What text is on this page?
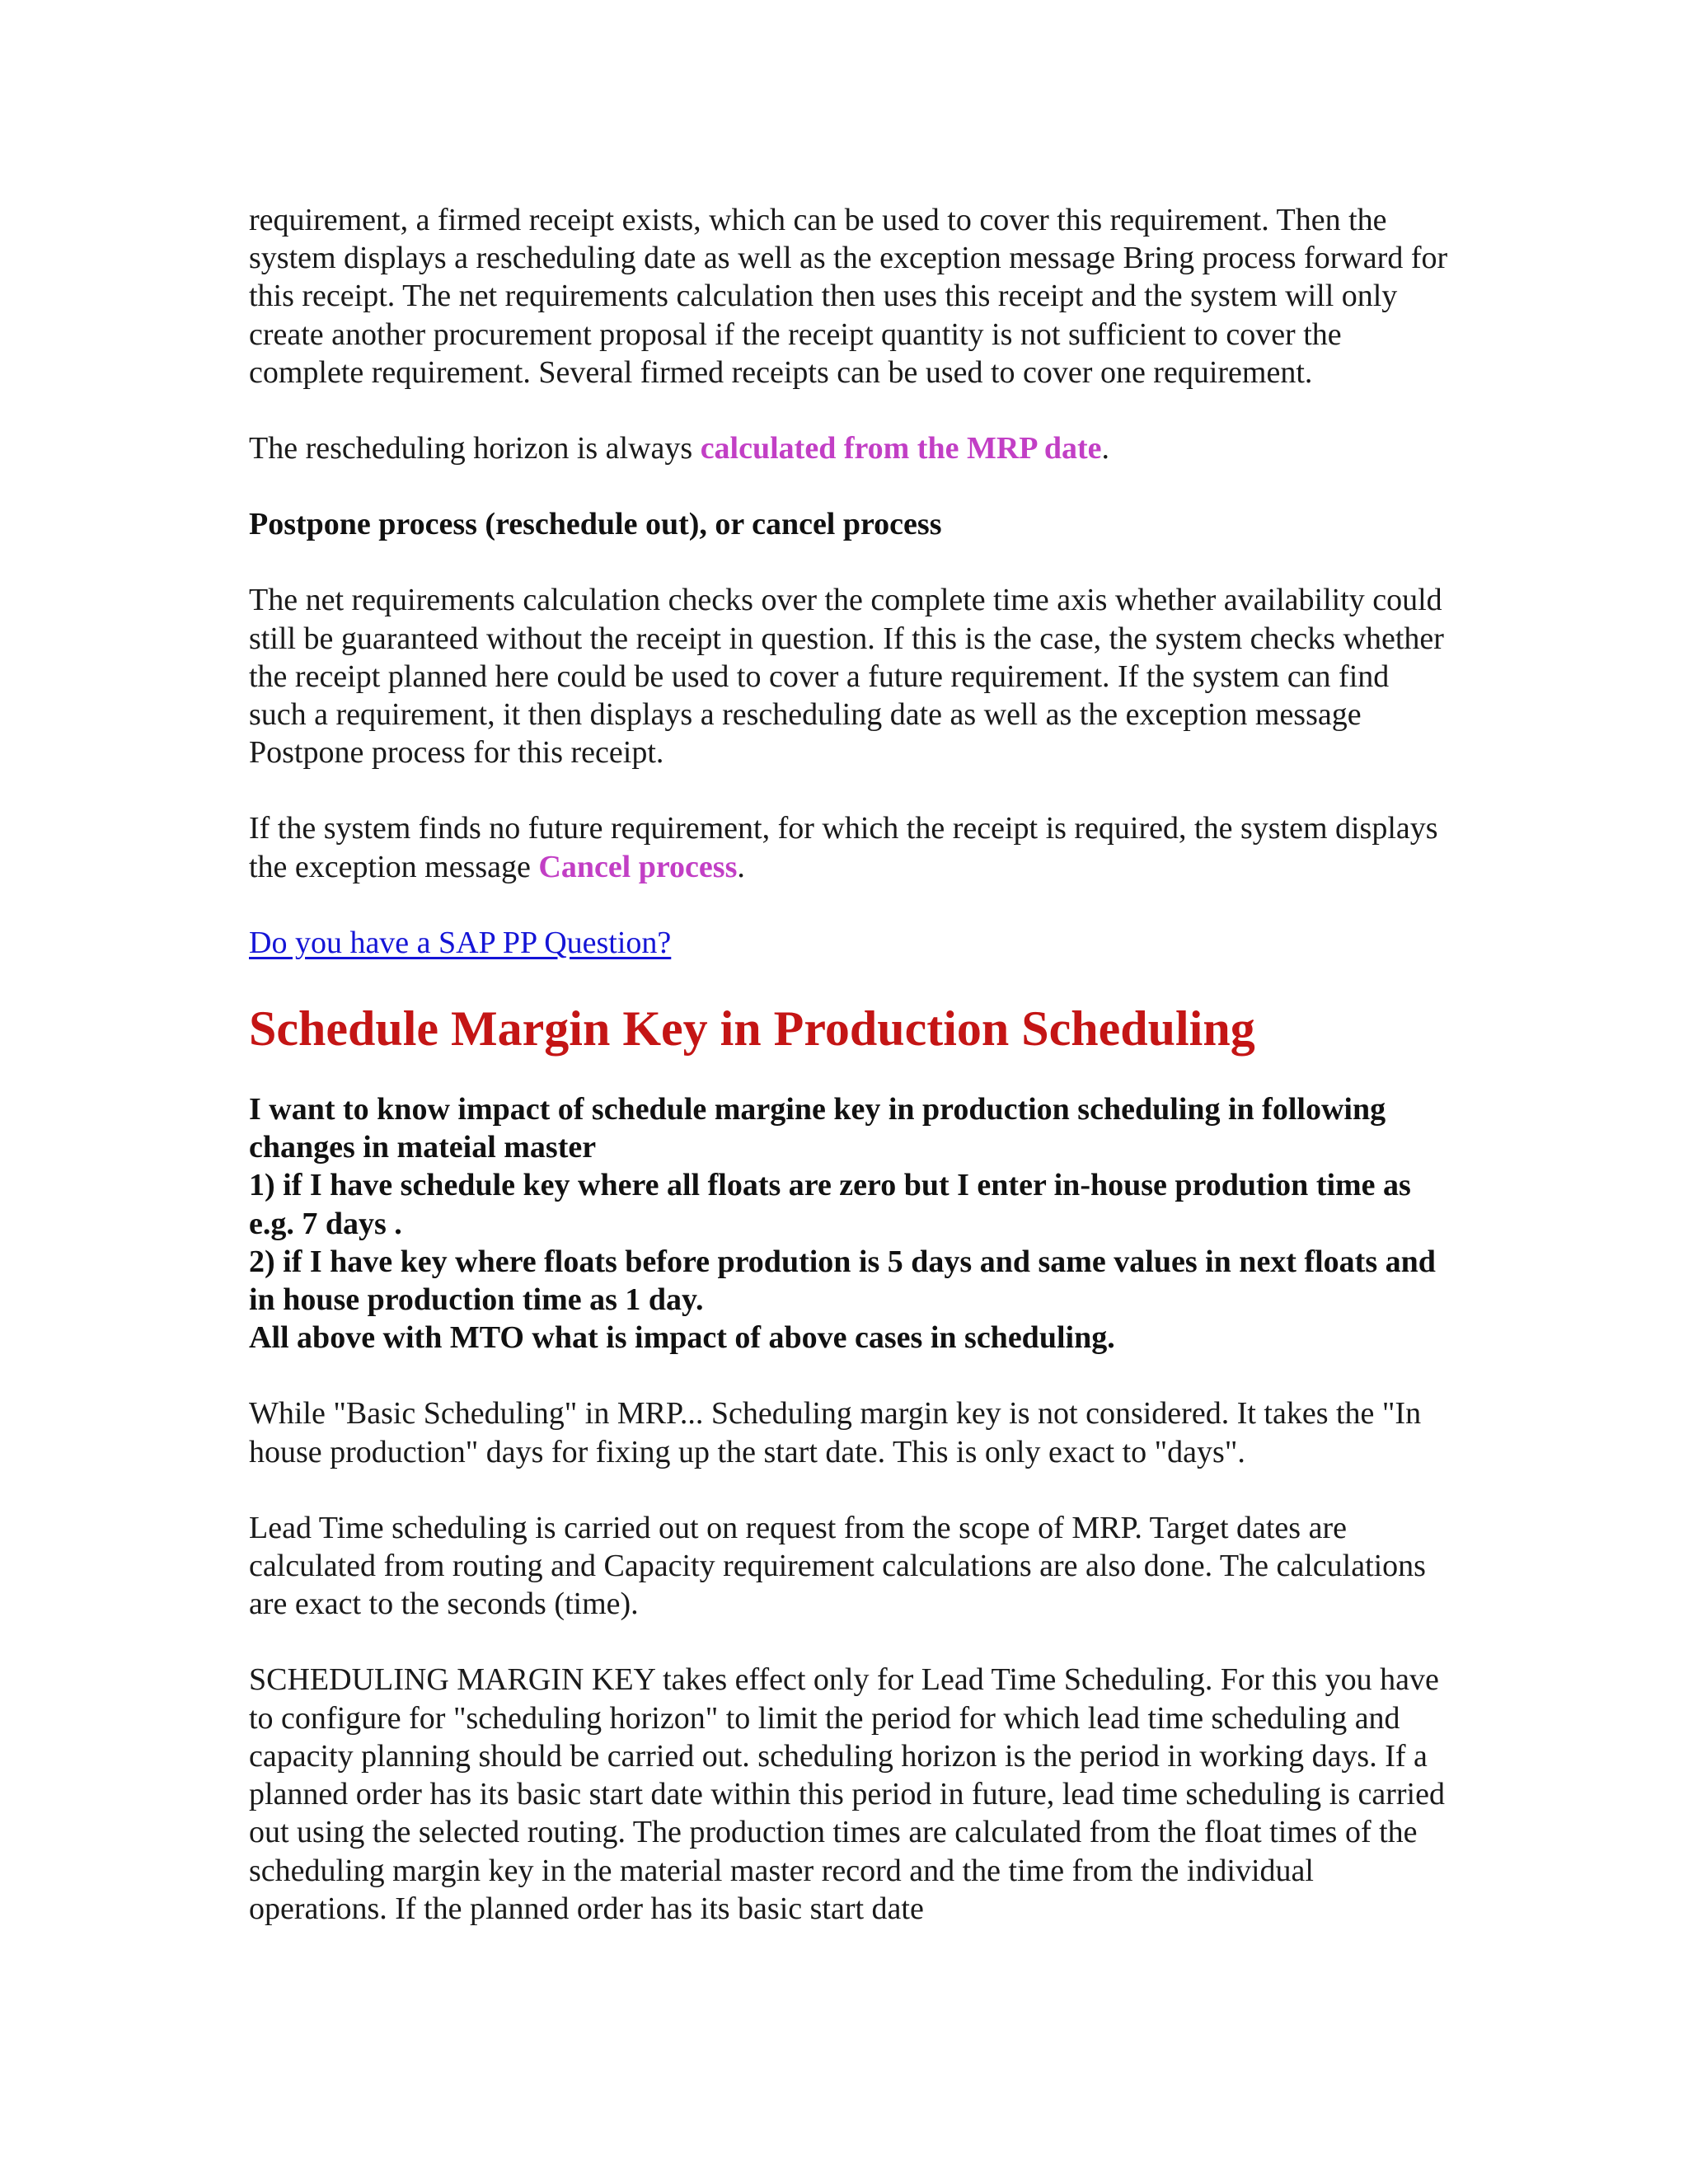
requirement, a firmed receipt exists, which can be used to cover this requirement. Then the system displays a rescheduling date as well as the exception message Bring process forward for this receipt. The net requirements calculation then uses this receipt and the system will only create another procurement proposal if the receipt quantity is not sufficient to cover the complete requirement. Several firmed receipts can be used to cover one requirement.

The rescheduling horizon is always calculated from the MRP date.

Postpone process (reschedule out), or cancel process

The net requirements calculation checks over the complete time axis whether availability could still be guaranteed without the receipt in question. If this is the case, the system checks whether the receipt planned here could be used to cover a future requirement. If the system can find such a requirement, it then displays a rescheduling date as well as the exception message Postpone process for this receipt.

If the system finds no future requirement, for which the receipt is required, the system displays the exception message Cancel process.

Do you have a SAP PP Question?

Schedule Margin Key in Production Scheduling
I want to know impact of schedule margine key in production scheduling in following changes in mateial master
1) if I have schedule key where all floats are zero but I enter in-house prodution time as e.g. 7 days .
2) if I have key where floats before prodution is 5 days and same values in next floats and in house production time as 1 day.
All above with MTO what is impact of above cases in scheduling.

While "Basic Scheduling" in MRP... Scheduling margin key is not considered. It takes the "In house production" days for fixing up the start date. This is only exact to "days".

Lead Time scheduling is carried out on request from the scope of MRP. Target dates are calculated from routing and Capacity requirement calculations are also done. The calculations are exact to the seconds (time).

SCHEDULING MARGIN KEY takes effect only for Lead Time Scheduling. For this you have to configure for "scheduling horizon" to limit the period for which lead time scheduling and capacity planning should be carried out. scheduling horizon is the period in working days. If a planned order has its basic start date within this period in future, lead time scheduling is carried out using the selected routing. The production times are calculated from the float times of the scheduling margin key in the material master record and the time from the individual operations. If the planned order has its basic start date
